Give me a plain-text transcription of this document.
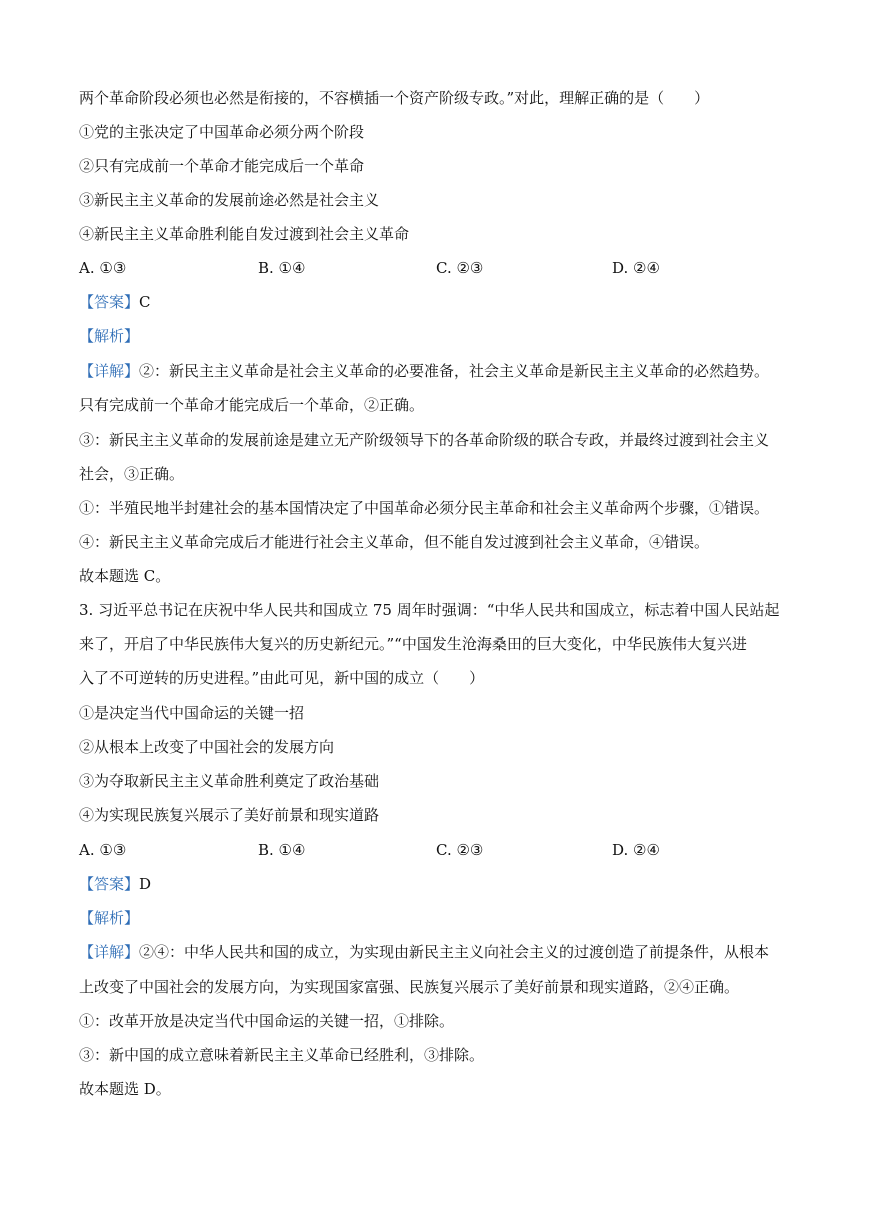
两个革命阶段必须也必然是衔接的，不容横插一个资产阶级专政。”对此，理解正确的是（　　）
①党的主张决定了中国革命必须分两个阶段
②只有完成前一个革命才能完成后一个革命
③新民主主义革命的发展前途必然是社会主义
④新民主主义革命胜利能自发过渡到社会主义革命
A. ①③	B. ①④	C. ②③	D. ②④
【答案】C
【解析】
【详解】②：新民主主义革命是社会主义革命的必要准备，社会主义革命是新民主主义革命的必然趋势。
只有完成前一个革命才能完成后一个革命，②正确。
③：新民主主义革命的发展前途是建立无产阶级领导下的各革命阶级的联合专政，并最终过渡到社会主义
社会，③正确。
①：半殖民地半封建社会的基本国情决定了中国革命必须分民主革命和社会主义革命两个步骤，①错误。
④：新民主主义革命完成后才能进行社会主义革命，但不能自发过渡到社会主义革命，④错误。
故本题选 C。
3. 习近平总书记在庆祝中华人民共和国成立 75 周年时强调：“中华人民共和国成立，标志着中国人民站起
来了，开启了中华民族伟大复兴的历史新纪元。”“中国发生沧海桑田的巨大变化，中华民族伟大复兴进
入了不可逆转的历史进程。”由此可见，新中国的成立（　　）
①是决定当代中国命运的关键一招
②从根本上改变了中国社会的发展方向
③为夺取新民主主义革命胜利奠定了政治基础
④为实现民族复兴展示了美好前景和现实道路
A. ①③	B. ①④	C. ②③	D. ②④
【答案】D
【解析】
【详解】②④：中华人民共和国的成立，为实现由新民主主义向社会主义的过渡创造了前提条件，从根本
上改变了中国社会的发展方向，为实现国家富强、民族复兴展示了美好前景和现实道路，②④正确。
①：改革开放是决定当代中国命运的关键一招，①排除。
③：新中国的成立意味着新民主主义革命已经胜利，③排除。
故本题选 D。
